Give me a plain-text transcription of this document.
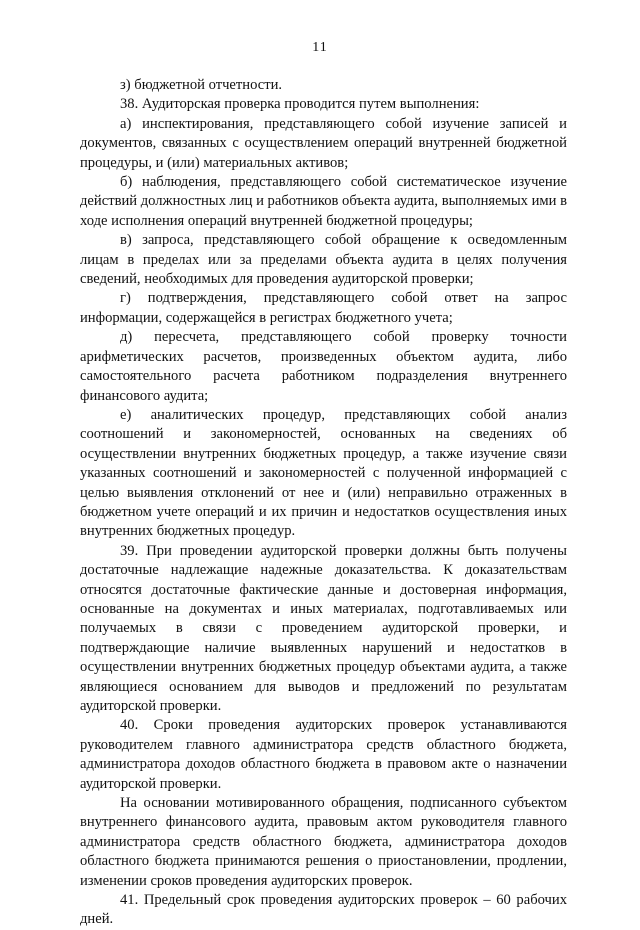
11

з) бюджетной отчетности.

38. Аудиторская проверка проводится путем выполнения:

а) инспектирования, представляющего собой изучение записей и документов, связанных с осуществлением операций внутренней бюджетной процедуры, и (или) материальных активов;

б) наблюдения, представляющего собой систематическое изучение действий должностных лиц и работников объекта аудита, выполняемых ими в ходе исполнения операций внутренней бюджетной процедуры;

в) запроса, представляющего собой обращение к осведомленным лицам в пределах или за пределами объекта аудита в целях получения сведений, необходимых для проведения аудиторской проверки;

г) подтверждения, представляющего собой ответ на запрос информации, содержащейся в регистрах бюджетного учета;

д) пересчета, представляющего собой проверку точности арифметических расчетов, произведенных объектом аудита, либо самостоятельного расчета работником подразделения внутреннего финансового аудита;

е) аналитических процедур, представляющих собой анализ соотношений и закономерностей, основанных на сведениях об осуществлении внутренних бюджетных процедур, а также изучение связи указанных соотношений и закономерностей с полученной информацией с целью выявления отклонений от нее и (или) неправильно отраженных в бюджетном учете операций и их причин и недостатков осуществления иных внутренних бюджетных процедур.

39. При проведении аудиторской проверки должны быть получены достаточные надлежащие надежные доказательства. К доказательствам относятся достаточные фактические данные и достоверная информация, основанные на документах и иных материалах, подготавливаемых или получаемых в связи с проведением аудиторской проверки, и подтверждающие наличие выявленных нарушений и недостатков в осуществлении внутренних бюджетных процедур объектами аудита, а также являющиеся основанием для выводов и предложений по результатам аудиторской проверки.

40. Сроки проведения аудиторских проверок устанавливаются руководителем главного администратора средств областного бюджета, администратора доходов областного бюджета в правовом акте о назначении аудиторской проверки.

На основании мотивированного обращения, подписанного субъектом внутреннего финансового аудита, правовым актом руководителя главного администратора средств областного бюджета, администратора доходов областного бюджета принимаются решения о приостановлении, продлении, изменении сроков проведения аудиторских проверок.

41. Предельный срок проведения аудиторских проверок – 60 рабочих дней.
